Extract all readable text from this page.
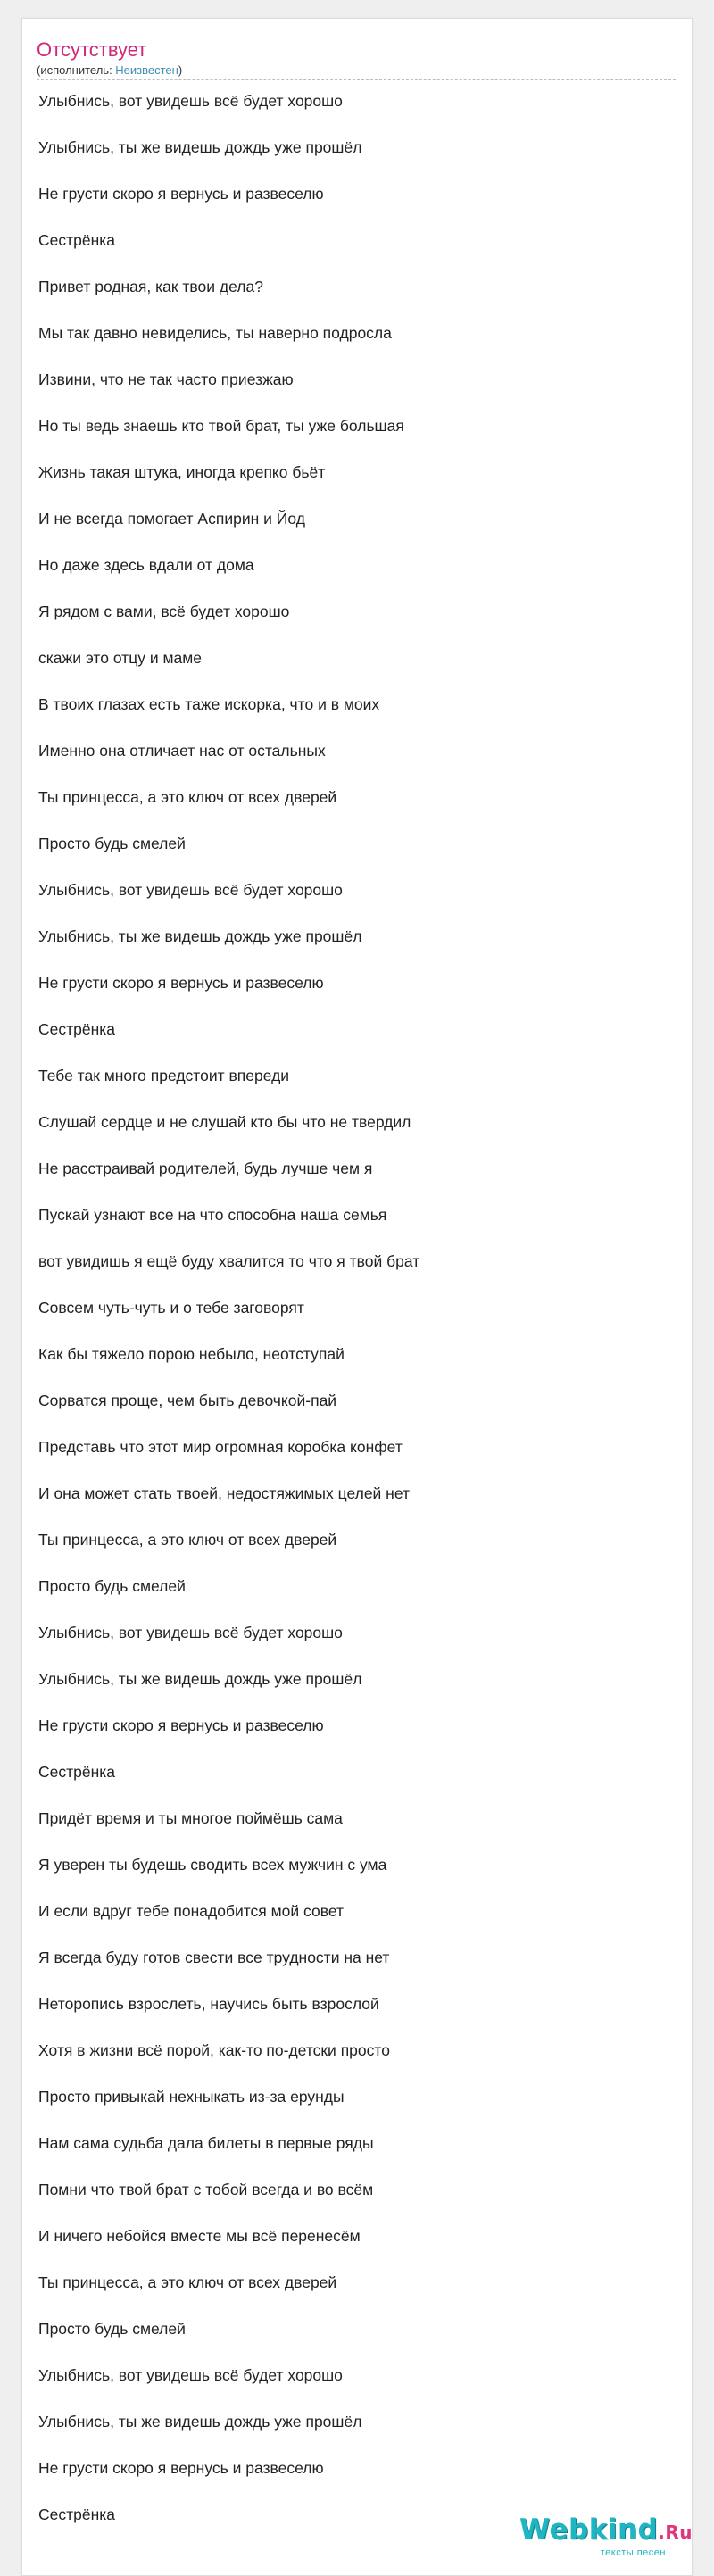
Отсутствует
(исполнитель: Неизвестен)
Улыбнись, вот увидешь всё будет хорошо
Улыбнись, ты же видешь дождь уже прошёл
Не грусти скоро я вернусь и развеселю
Сестрёнка
Привет родная, как твои дела?
Мы так давно невиделись, ты наверно подросла
Извини, что не так часто приезжаю
Но ты ведь знаешь кто твой брат, ты уже большая
Жизнь такая штука, иногда крепко бьёт
И не всегда помогает Аспирин и Йод
Но даже здесь вдали от дома
Я рядом с вами, всё будет хорошо
скажи это отцу и маме
В твоих глазах есть таже искорка, что и в моих
Именно она отличает нас от остальных
Ты принцесса, а это ключ от всех дверей
Просто будь смелей
Улыбнись, вот увидешь всё будет хорошо
Улыбнись, ты же видешь дождь уже прошёл
Не грусти скоро я вернусь и развеселю
Сестрёнка
Тебе так много предстоит впереди
Слушай сердце и не слушай кто бы что не твердил
Не расстраивай родителей, будь лучше чем я
Пускай узнают все на что способна наша семья
вот увидишь я ещё буду хвалится то что я твой брат
Совсем чуть-чуть и о тебе заговорят
Как бы тяжело порою небыло, неотступай
Сорватся проще, чем быть девочкой-пай
Представь что этот мир огромная коробка конфет
И она может стать твоей, недостяжимых целей нет
Ты принцесса, а это ключ от всех дверей
Просто будь смелей
Улыбнись, вот увидешь всё будет хорошо
Улыбнись, ты же видешь дождь уже прошёл
Не грусти скоро я вернусь и развеселю
Сестрёнка
Придёт время и ты многое поймёшь сама
Я уверен ты будешь сводить всех мужчин с ума
И если вдруг тебе понадобится мой совет
Я всегда буду готов свести все трудности на нет
Неторопись взрослеть, научись быть взрослой
Хотя в жизни всё порой, как-то по-детски просто
Просто привыкай нехныкать из-за ерунды
Нам сама судьба дала билеты в первые ряды
Помни что твой брат с тобой всегда и во всём
И ничего небойся вместе мы всё перенесём
Ты принцесса, а это ключ от всех дверей
Просто будь смелей
Улыбнись, вот увидешь всё будет хорошо
Улыбнись, ты же видешь дождь уже прошёл
Не грусти скоро я вернусь и развеселю
Сестрёнка	Webkind.Ru
тексты песен
